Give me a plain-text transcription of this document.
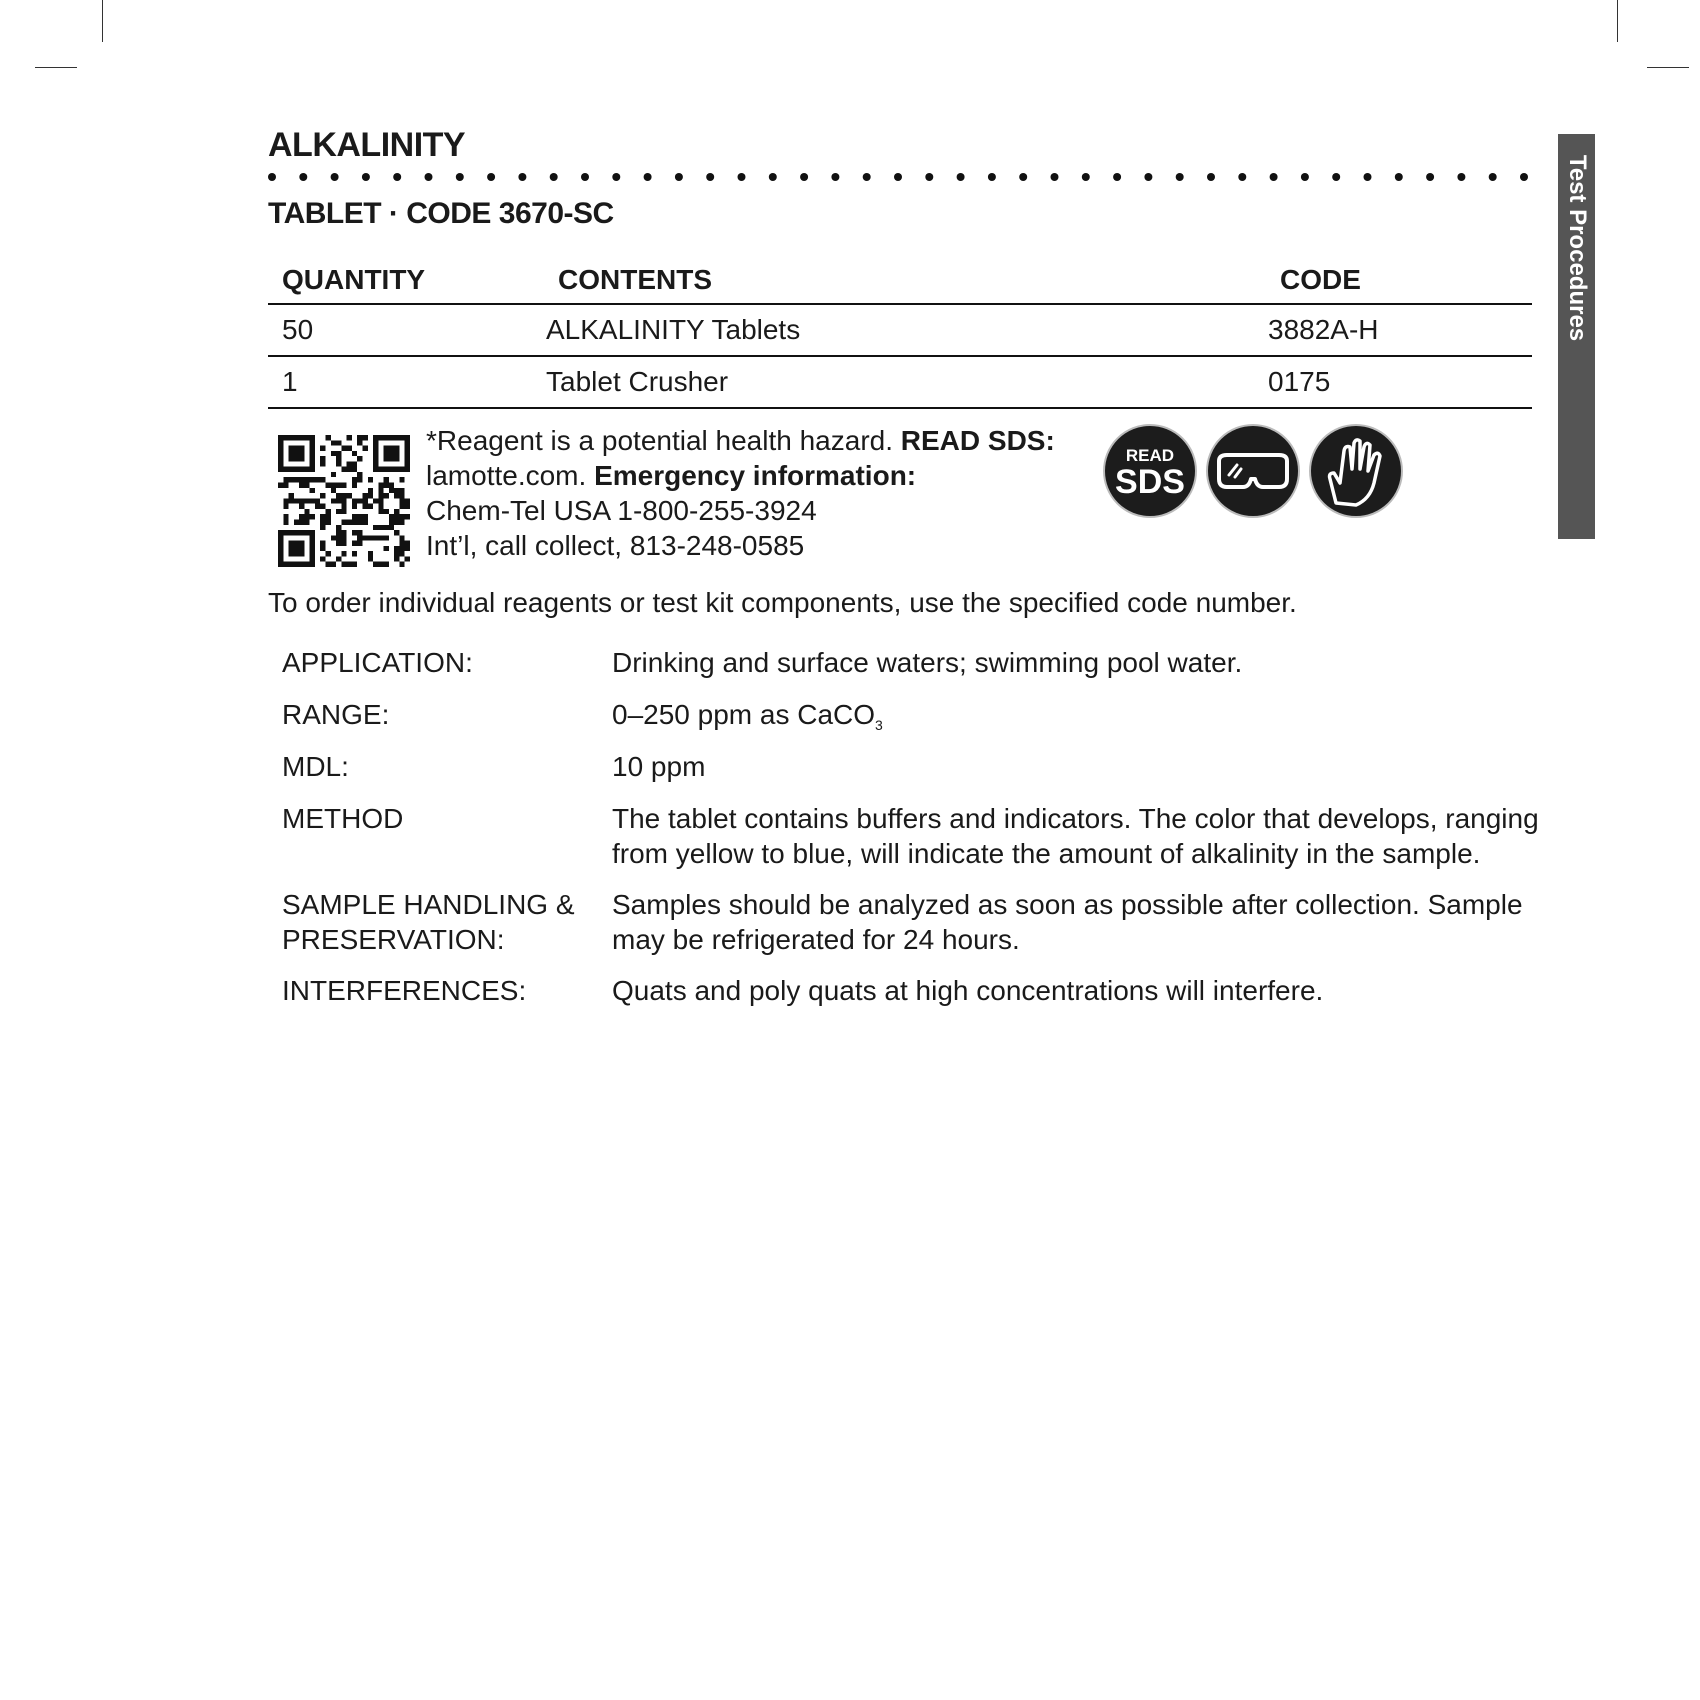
Test Procedures
ALKALINITY
TABLET · CODE 3670-SC
QUANTITY	CONTENTS	CODE
50	ALKALINITY Tablets	3882A-H
1	Tablet Crusher	0175
*Reagent is a potential health hazard. READ SDS:
lamotte.com. Emergency information:
Chem-Tel USA 1-800-255-3924
Int’l, call collect, 813-248-0585
READ
SDS
To order individual reagents or test kit components, use the specified code number.
APPLICATION:	Drinking and surface waters; swimming pool water.
RANGE:	0–250 ppm as CaCO$_3$
MDL:	10 ppm
METHOD	The tablet contains buffers and indicators. The color that develops, ranging
from yellow to blue, will indicate the amount of alkalinity in the sample.
SAMPLE HANDLING &
PRESERVATION:
Samples should be analyzed as soon as possible after collection. Sample
may be refrigerated for 24 hours.
INTERFERENCES:	Quats and poly quats at high concentrations will interfere.
